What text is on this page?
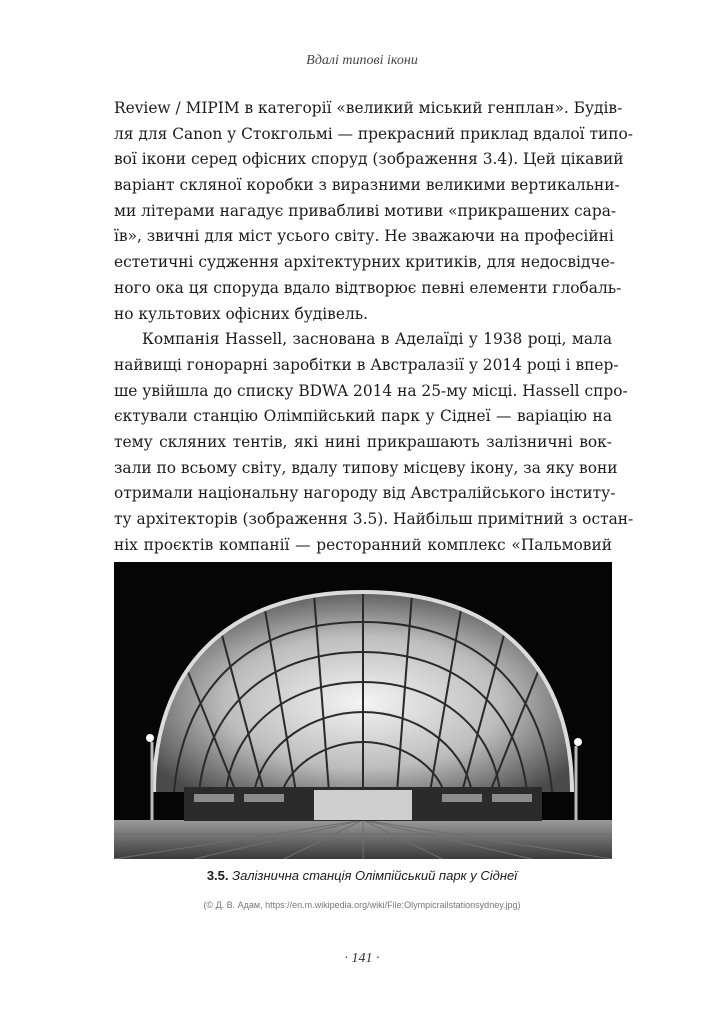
Вдалі типові ікони
Review / MIPIM в категорії «великий міський генплан». Будів-
ля для Canon у Стокгольмі — прекрасний приклад вдалої типо-
вої ікони серед офісних споруд (зображення 3.4). Цей цікавий
варіант скляної коробки з виразними великими вертикальни-
ми літерами нагадує привабливі мотиви «прикрашених сара-
їв», звичні для міст усього світу. Не зважаючи на професійні
естетичні судження архітектурних критиків, для недосвідче-
ного ока ця споруда вдало відтворює певні елементи глобаль-
но культових офісних будівель.
Компанія Hassell, заснована в Аделаїді у 1938 році, мала
найвищі гонорарні заробітки в Австралазії у 2014 році і впер-
ше увійшла до списку BDWA 2014 на 25-му місці. Hassell спро-
єктували станцію Олімпійський парк у Сіднеї — варіацію на
тему скляних тентів, які нині прикрашають залізничні вок-
зали по всьому світу, вдалу типову місцеву ікону, за яку вони
отримали національну нагороду від Австралійського інститу-
ту архітекторів (зображення 3.5). Найбільш примітний з остан-
ніх проєктів компанії — ресторанний комплекс «Пальмовий
3.5. Залізнична станція Олімпійський парк у Сіднеї
(© Д. В. Адам, https://en.m.wikipedia.org/wiki/File:Olympicrailstationsydney.jpg)
· 141 ·
